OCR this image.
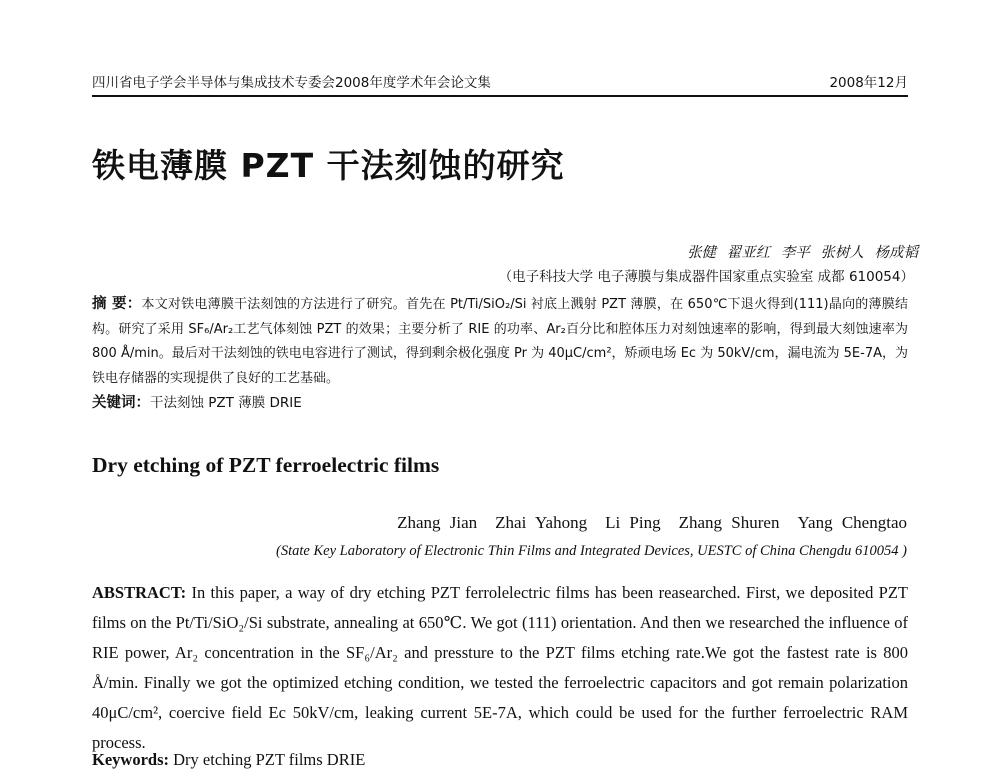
四川省电子学会半导体与集成技术专委会2008年度学术年会论文集	2008年12月
铁电薄膜 PZT 干法刻蚀的研究
张健 翟亚红 李平 张树人 杨成韬
（电子科技大学 电子薄膜与集成器件国家重点实验室 成都 610054）
摘 要：本文对铁电薄膜干法刻蚀的方法进行了研究。首先在 Pt/Ti/SiO₂/Si 衬底上溅射 PZT 薄膜，在 650℃下退火得到(111)晶向的薄膜结构。研究了采用 SF₆/Ar₂工艺气体刻蚀 PZT 的效果；主要分析了 RIE 的功率、Ar₂百分比和腔体压力对刻蚀速率的影响，得到最大刻蚀速率为 800 Å/min。最后对干法刻蚀的铁电电容进行了测试，得到剩余极化强度 Pr 为 40μC/cm²，矫顽电场 Ec 为 50kV/cm，漏电流为 5E-7A，为铁电存储器的实现提供了良好的工艺基础。
关键词：干法刻蚀 PZT 薄膜 DRIE
Dry etching of PZT ferroelectric films
Zhang Jian Zhai Yahong Li Ping Zhang Shuren Yang Chengtao
(State Key Laboratory of Electronic Thin Films and Integrated Devices, UESTC of China Chengdu 610054 )
ABSTRACT: In this paper, a way of dry etching PZT ferrolelectric films has been reasearched. First, we deposited PZT films on the Pt/Ti/SiO₂/Si substrate, annealing at 650℃. We got (111) orientation. And then we researched the influence of RIE power, Ar₂ concentration in the SF₆/Ar₂ and pressture to the PZT films etching rate.We got the fastest rate is 800 Å/min. Finally we got the optimized etching condition, we tested the ferroelectric capacitors and got remain polarization 40μC/cm², coercive field Ec 50kV/cm, leaking current 5E-7A, which could be used for the further ferroelectric RAM process.
Keywords: Dry etching PZT films DRIE
